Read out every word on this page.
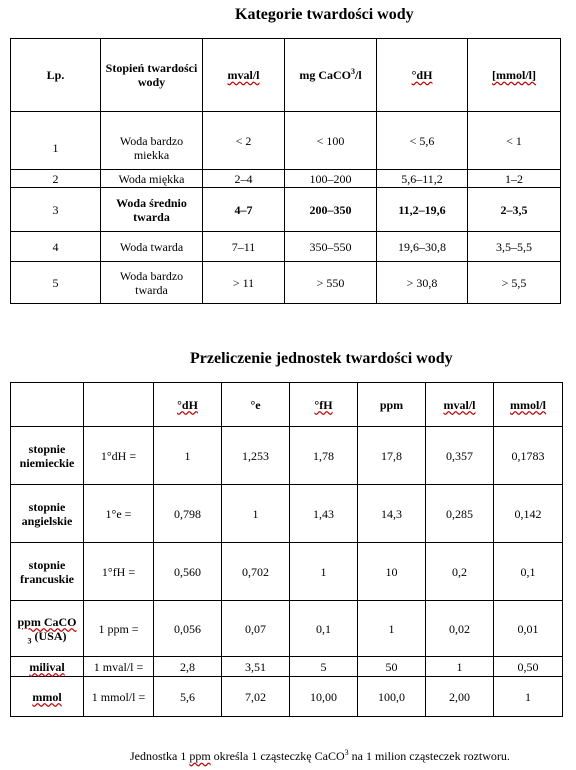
Kategorie twardości wody
Lp.	Stopień twardości wody	mval/l	mg CaCO$^3$/l	°dH	[mmol/l]
1	Woda bardzo miekka	< 2	< 100	< 5,6	< 1
2	Woda miękka	2–4	100–200	5,6–11,2	1–2
3	Woda średnio twarda	4–7	200–350	11,2–19,6	2–3,5
4	Woda twarda	7–11	350–550	19,6–30,8	3,5–5,5
5	Woda bardzo twarda	> 11	> 550	> 30,8	> 5,5
Przeliczenie jednostek twardości wody
		°dH	°e	°fH	ppm	mval/l	mmol/l
stopnie niemieckie	1°dH =	1	1,253	1,78	17,8	0,357	0,1783
stopnie angielskie	1°e =	0,798	1	1,43	14,3	0,285	0,142
stopnie francuskie	1°fH =	0,560	0,702	1	10	0,2	0,1
ppm CaCO
$_3$ (USA)	1 ppm =	0,056	0,07	0,1	1	0,02	0,01
milival	1 mval/l =	2,8	3,51	5	50	1	0,50
mmol	1 mmol/l =	5,6	7,02	10,00	100,0	2,00	1
Jednostka 1 ppm określa 1 cząsteczkę CaCO$^3$ na 1 milion cząsteczek roztworu.
